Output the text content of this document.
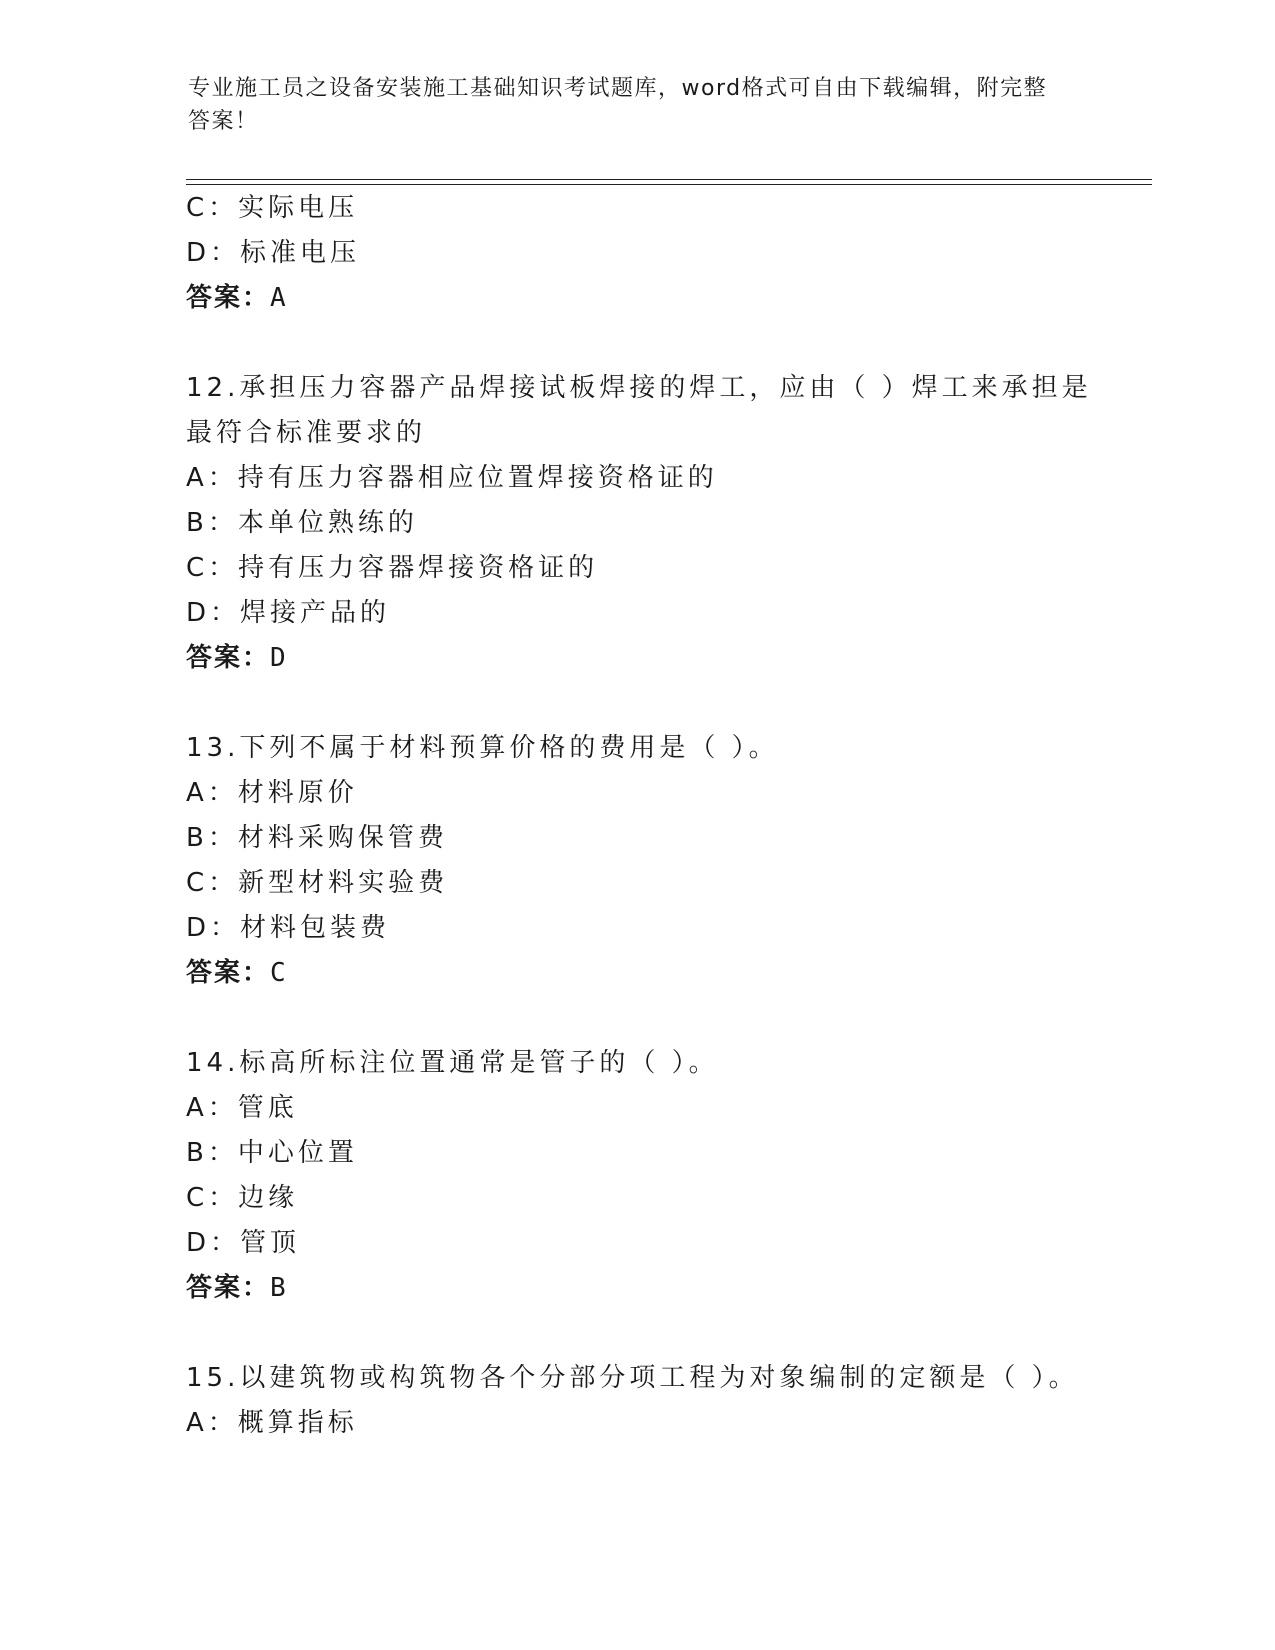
专业施工员之设备安装施工基础知识考试题库，word格式可自由下载编辑，附完整答案！
C：实际电压
D：标准电压
答案：A
12.承担压力容器产品焊接试板焊接的焊工，应由（ ）焊工来承担是
最符合标准要求的
A：持有压力容器相应位置焊接资格证的
B：本单位熟练的
C：持有压力容器焊接资格证的
D：焊接产品的
答案：D
13.下列不属于材料预算价格的费用是（ ）。
A：材料原价
B：材料采购保管费
C：新型材料实验费
D：材料包装费
答案：C
14.标高所标注位置通常是管子的（ ）。
A：管底
B：中心位置
C：边缘
D：管顶
答案：B
15.以建筑物或构筑物各个分部分项工程为对象编制的定额是（ ）。
A：概算指标
